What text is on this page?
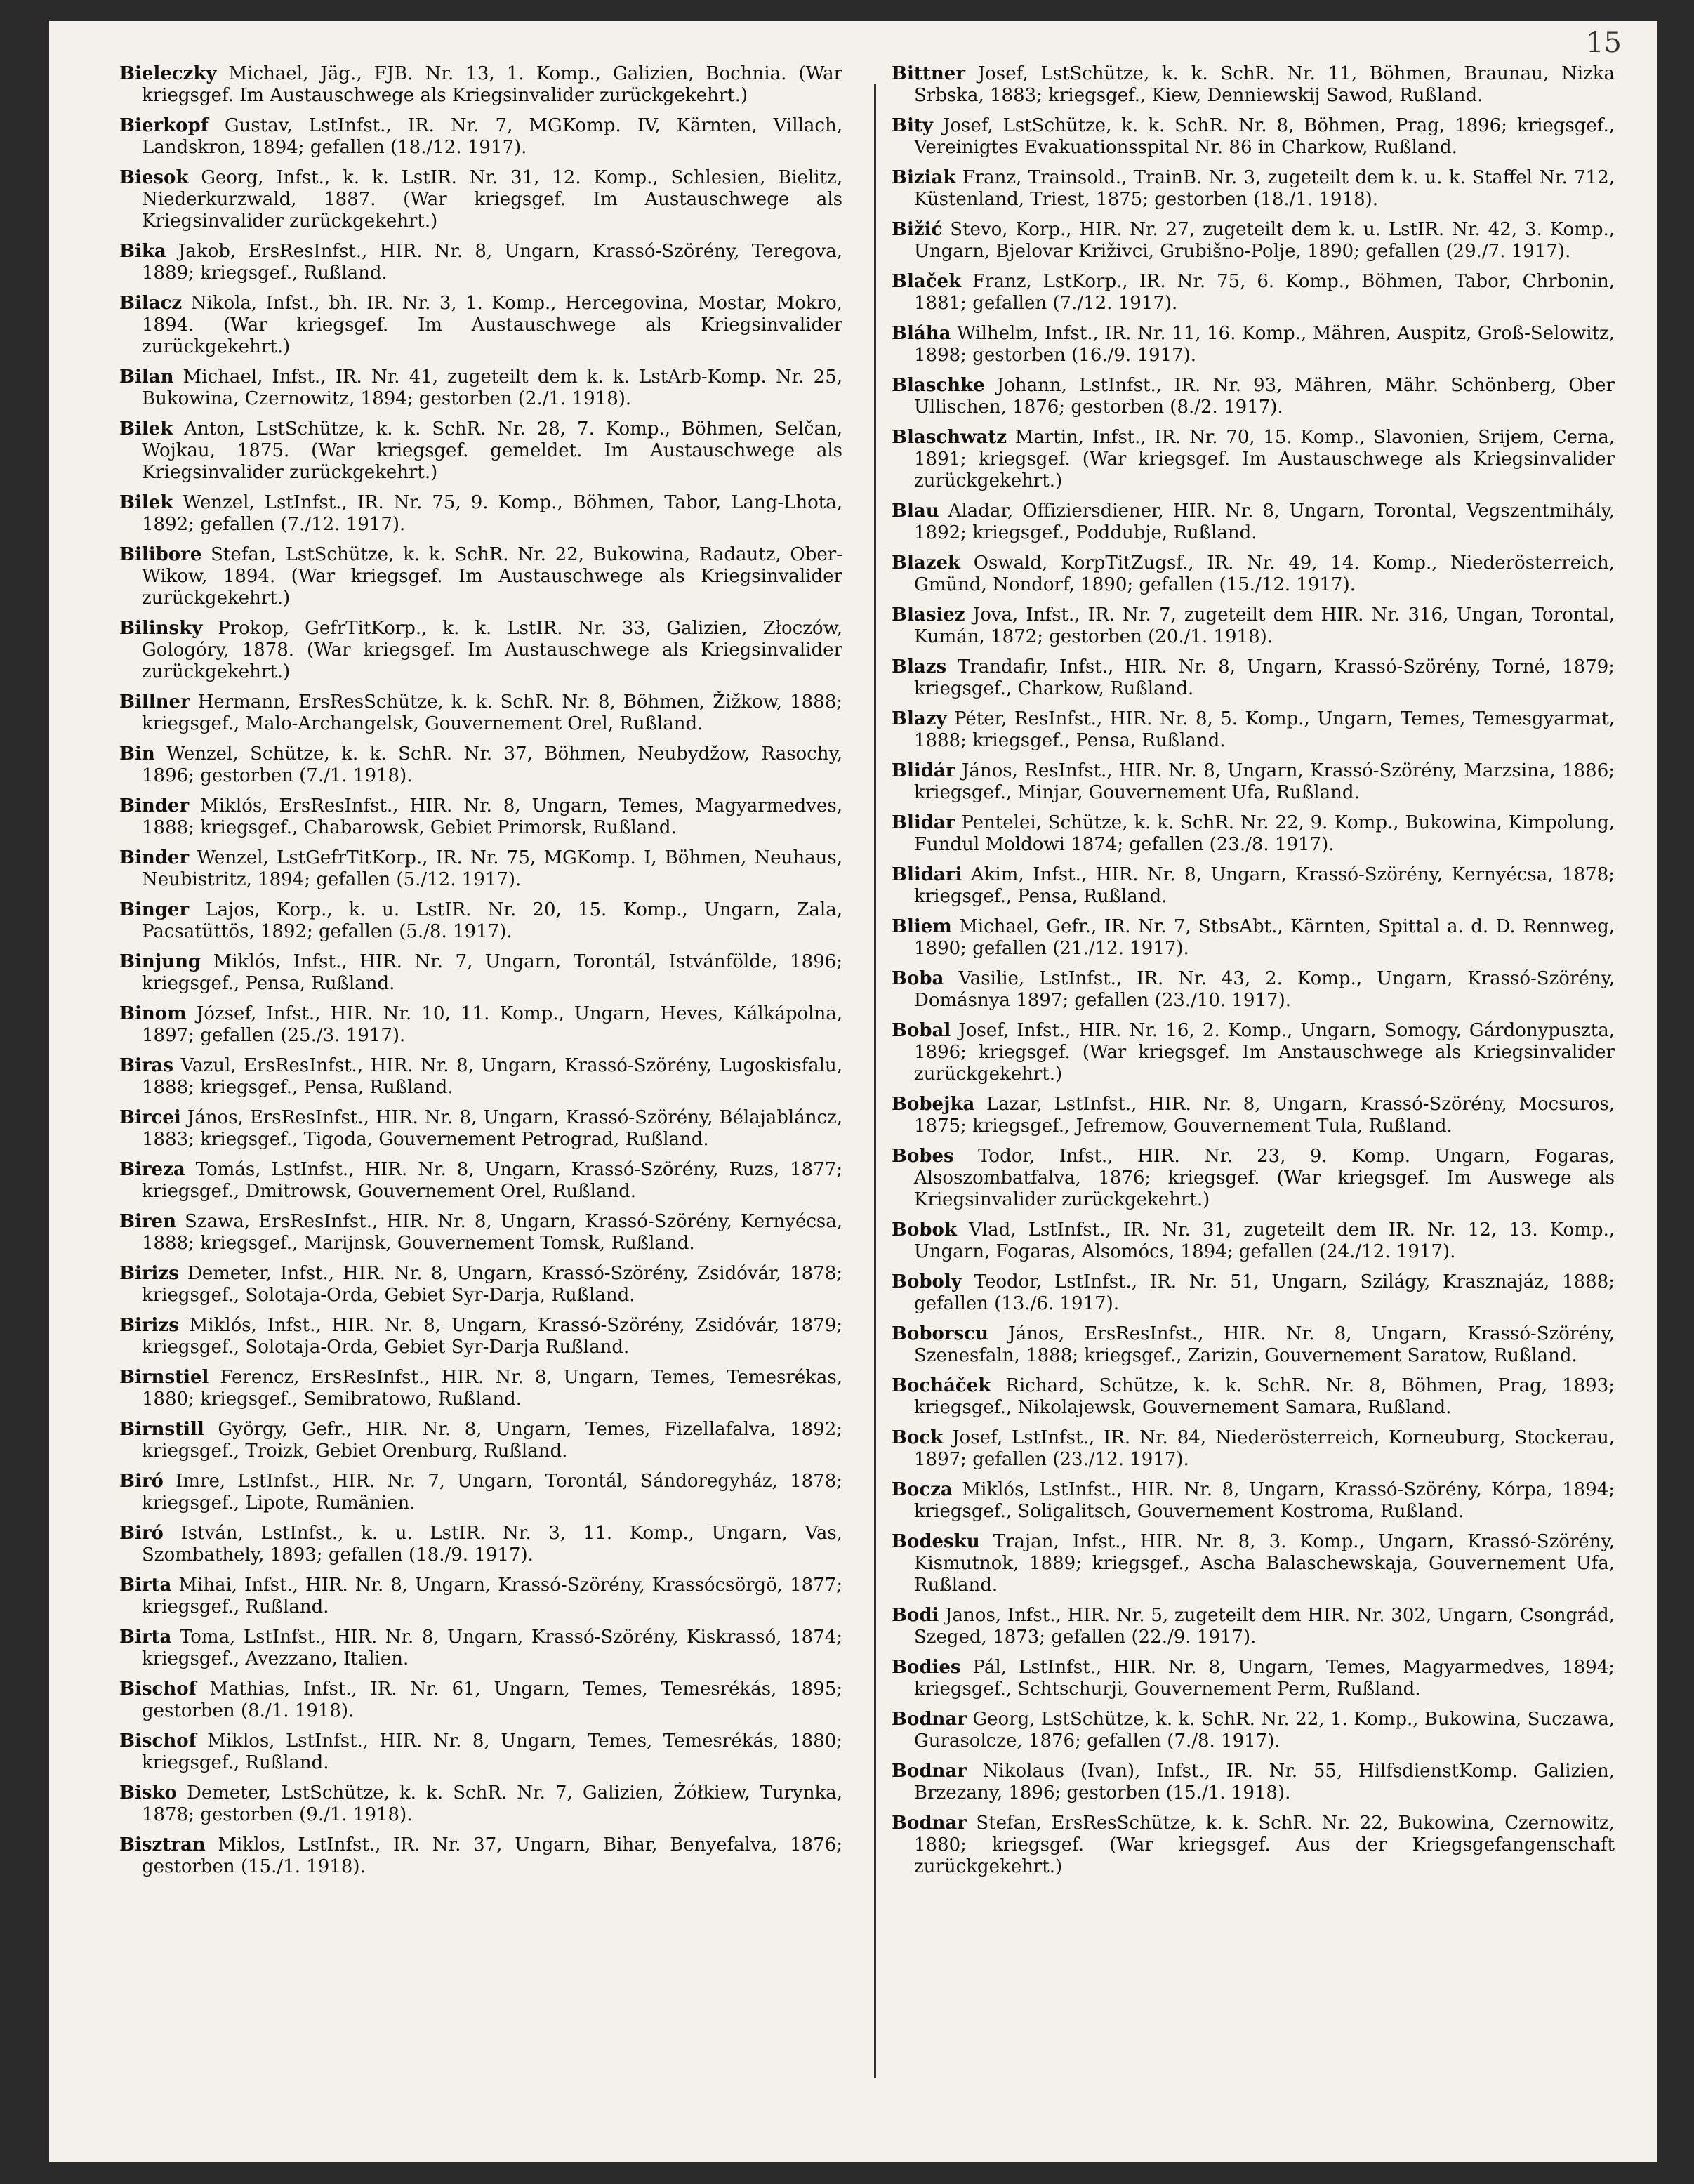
15

Bieleczky Michael, Jäg., FJB. Nr. 13, 1. Komp., Galizien, Bochnia. (War kriegsgef. Im Austauschwege als Kriegsinvalider zurückgekehrt.)

Bierkopf Gustav, LstInfst., IR. Nr. 7, MGKomp. IV, Kärnten, Villach, Landskron, 1894; gefallen (18./12. 1917).

Biesok Georg, Infst., k. k. LstIR. Nr. 31, 12. Komp., Schlesien, Bielitz, Niederkurzwald, 1887. (War kriegsgef. Im Austauschwege als Kriegsinvalider zurückgekehrt.)

Bika Jakob, ErsResInfst., HIR. Nr. 8, Ungarn, Krassó-Szörény, Teregova, 1889; kriegsgef., Rußland.

Bilacz Nikola, Infst., bh. IR. Nr. 3, 1. Komp., Hercegovina, Mostar, Mokro, 1894. (War kriegsgef. Im Austauschwege als Kriegsinvalider zurückgekehrt.)

Bilan Michael, Infst., IR. Nr. 41, zugeteilt dem k. k. LstArb-Komp. Nr. 25, Bukowina, Czernowitz, 1894; gestorben (2./1. 1918).

Bilek Anton, LstSchütze, k. k. SchR. Nr. 28, 7. Komp., Böhmen, Selčan, Wojkau, 1875. (War kriegsgef. gemeldet. Im Austauschwege als Kriegsinvalider zurückgekehrt.)

Bilek Wenzel, LstInfst., IR. Nr. 75, 9. Komp., Böhmen, Tabor, Lang-Lhota, 1892; gefallen (7./12. 1917).

Bilibore Stefan, LstSchütze, k. k. SchR. Nr. 22, Bukowina, Radautz, Ober-Wikow, 1894. (War kriegsgef. Im Austauschwege als Kriegsinvalider zurückgekehrt.)

Bilinsky Prokop, GefrTitKorp., k. k. LstIR. Nr. 33, Galizien, Złoczów, Gologóry, 1878. (War kriegsgef. Im Austauschwege als Kriegsinvalider zurückgekehrt.)

Billner Hermann, ErsResSchütze, k. k. SchR. Nr. 8, Böhmen, Žižkow, 1888; kriegsgef., Malo-Archangelsk, Gouvernement Orel, Rußland.

Bin Wenzel, Schütze, k. k. SchR. Nr. 37, Böhmen, Neubydžow, Rasochy, 1896; gestorben (7./1. 1918).

Binder Miklós, ErsResInfst., HIR. Nr. 8, Ungarn, Temes, Magyarmedves, 1888; kriegsgef., Chabarowsk, Gebiet Primorsk, Rußland.

Binder Wenzel, LstGefrTitKorp., IR. Nr. 75, MGKomp. I, Böhmen, Neuhaus, Neubistritz, 1894; gefallen (5./12. 1917).

Binger Lajos, Korp., k. u. LstIR. Nr. 20, 15. Komp., Ungarn, Zala, Pacsatüttös, 1892; gefallen (5./8. 1917).

Binjung Miklós, Infst., HIR. Nr. 7, Ungarn, Torontál, Istvánfölde, 1896; kriegsgef., Pensa, Rußland.

Binom József, Infst., HIR. Nr. 10, 11. Komp., Ungarn, Heves, Kálkápolna, 1897; gefallen (25./3. 1917).

Biras Vazul, ErsResInfst., HIR. Nr. 8, Ungarn, Krassó-Szörény, Lugoskisfalu, 1888; kriegsgef., Pensa, Rußland.

Bircei János, ErsResInfst., HIR. Nr. 8, Ungarn, Krassó-Szörény, Bélajabláncz, 1883; kriegsgef., Tigoda, Gouvernement Petrograd, Rußland.

Bireza Tomás, LstInfst., HIR. Nr. 8, Ungarn, Krassó-Szörény, Ruzs, 1877; kriegsgef., Dmitrowsk, Gouvernement Orel, Rußland.

Biren Szawa, ErsResInfst., HIR. Nr. 8, Ungarn, Krassó-Szörény, Kernyécsa, 1888; kriegsgef., Marijnsk, Gouvernement Tomsk, Rußland.

Birizs Demeter, Infst., HIR. Nr. 8, Ungarn, Krassó-Szörény, Zsidóvár, 1878; kriegsgef., Solotaja-Orda, Gebiet Syr-Darja, Rußland.

Birizs Miklós, Infst., HIR. Nr. 8, Ungarn, Krassó-Szörény, Zsidóvár, 1879; kriegsgef., Solotaja-Orda, Gebiet Syr-Darja Rußland.

Birnstiel Ferencz, ErsResInfst., HIR. Nr. 8, Ungarn, Temes, Temesrékas, 1880; kriegsgef., Semibratowo, Rußland.

Birnstill György, Gefr., HIR. Nr. 8, Ungarn, Temes, Fizellafalva, 1892; kriegsgef., Troizk, Gebiet Orenburg, Rußland.

Biró Imre, LstInfst., HIR. Nr. 7, Ungarn, Torontál, Sándoregyház, 1878; kriegsgef., Lipote, Rumänien.

Biró István, LstInfst., k. u. LstIR. Nr. 3, 11. Komp., Ungarn, Vas, Szombathely, 1893; gefallen (18./9. 1917).

Birta Mihai, Infst., HIR. Nr. 8, Ungarn, Krassó-Szörény, Krassócsörgö, 1877; kriegsgef., Rußland.

Birta Toma, LstInfst., HIR. Nr. 8, Ungarn, Krassó-Szörény, Kiskrassó, 1874; kriegsgef., Avezzano, Italien.

Bischof Mathias, Infst., IR. Nr. 61, Ungarn, Temes, Temesrékás, 1895; gestorben (8./1. 1918).

Bischof Miklos, LstInfst., HIR. Nr. 8, Ungarn, Temes, Temesrékás, 1880; kriegsgef., Rußland.

Bisko Demeter, LstSchütze, k. k. SchR. Nr. 7, Galizien, Żółkiew, Turynka, 1878; gestorben (9./1. 1918).

Bisztran Miklos, LstInfst., IR. Nr. 37, Ungarn, Bihar, Benyefalva, 1876; gestorben (15./1. 1918).

Bittner Josef, LstSchütze, k. k. SchR. Nr. 11, Böhmen, Braunau, Nizka Srbska, 1883; kriegsgef., Kiew, Denniewskij Sawod, Rußland.

Bity Josef, LstSchütze, k. k. SchR. Nr. 8, Böhmen, Prag, 1896; kriegsgef., Vereinigtes Evakuationsspital Nr. 86 in Charkow, Rußland.

Biziak Franz, Trainsold., TrainB. Nr. 3, zugeteilt dem k. u. k. Staffel Nr. 712, Küstenland, Triest, 1875; gestorben (18./1. 1918).

Bižić Stevo, Korp., HIR. Nr. 27, zugeteilt dem k. u. LstIR. Nr. 42, 3. Komp., Ungarn, Bjelovar Križivci, Grubišno-Polje, 1890; gefallen (29./7. 1917).

Blaček Franz, LstKorp., IR. Nr. 75, 6. Komp., Böhmen, Tabor, Chrbonin, 1881; gefallen (7./12. 1917).

Bláha Wilhelm, Infst., IR. Nr. 11, 16. Komp., Mähren, Auspitz, Groß-Selowitz, 1898; gestorben (16./9. 1917).

Blaschke Johann, LstInfst., IR. Nr. 93, Mähren, Mähr. Schönberg, Ober Ullischen, 1876; gestorben (8./2. 1917).

Blaschwatz Martin, Infst., IR. Nr. 70, 15. Komp., Slavonien, Srijem, Cerna, 1891; kriegsgef. (War kriegsgef. Im Austauschwege als Kriegsinvalider zurückgekehrt.)

Blau Aladar, Offiziersdiener, HIR. Nr. 8, Ungarn, Torontal, Vegszentmihály, 1892; kriegsgef., Poddubje, Rußland.

Blazek Oswald, KorpTitZugsf., IR. Nr. 49, 14. Komp., Niederösterreich, Gmünd, Nondorf, 1890; gefallen (15./12. 1917).

Blasiez Jova, Infst., IR. Nr. 7, zugeteilt dem HIR. Nr. 316, Ungan, Torontal, Kumán, 1872; gestorben (20./1. 1918).

Blazs Trandafir, Infst., HIR. Nr. 8, Ungarn, Krassó-Szörény, Torné, 1879; kriegsgef., Charkow, Rußland.

Blazy Péter, ResInfst., HIR. Nr. 8, 5. Komp., Ungarn, Temes, Temesgyarmat, 1888; kriegsgef., Pensa, Rußland.

Blidár János, ResInfst., HIR. Nr. 8, Ungarn, Krassó-Szörény, Marzsina, 1886; kriegsgef., Minjar, Gouvernement Ufa, Rußland.

Blidar Pentelei, Schütze, k. k. SchR. Nr. 22, 9. Komp., Bukowina, Kimpolung, Fundul Moldowi 1874; gefallen (23./8. 1917).

Blidari Akim, Infst., HIR. Nr. 8, Ungarn, Krassó-Szörény, Kernyécsa, 1878; kriegsgef., Pensa, Rußland.

Bliem Michael, Gefr., IR. Nr. 7, StbsAbt., Kärnten, Spittal a. d. D. Rennweg, 1890; gefallen (21./12. 1917).

Boba Vasilie, LstInfst., IR. Nr. 43, 2. Komp., Ungarn, Krassó-Szörény, Domásnya 1897; gefallen (23./10. 1917).

Bobal Josef, Infst., HIR. Nr. 16, 2. Komp., Ungarn, Somogy, Gárdonypuszta, 1896; kriegsgef. (War kriegsgef. Im Anstauschwege als Kriegsinvalider zurückgekehrt.)

Bobejka Lazar, LstInfst., HIR. Nr. 8, Ungarn, Krassó-Szörény, Mocsuros, 1875; kriegsgef., Jefremow, Gouvernement Tula, Rußland.

Bobes Todor, Infst., HIR. Nr. 23, 9. Komp. Ungarn, Fogaras, Alsoszombatfalva, 1876; kriegsgef. (War kriegsgef. Im Auswege als Kriegsinvalider zurückgekehrt.)

Bobok Vlad, LstInfst., IR. Nr. 31, zugeteilt dem IR. Nr. 12, 13. Komp., Ungarn, Fogaras, Alsomócs, 1894; gefallen (24./12. 1917).

Boboly Teodor, LstInfst., IR. Nr. 51, Ungarn, Szilágy, Krasznajáz, 1888; gefallen (13./6. 1917).

Boborscu János, ErsResInfst., HIR. Nr. 8, Ungarn, Krassó-Szörény, Szenesfaln, 1888; kriegsgef., Zarizin, Gouvernement Saratow, Rußland.

Bocháček Richard, Schütze, k. k. SchR. Nr. 8, Böhmen, Prag, 1893; kriegsgef., Nikolajewsk, Gouvernement Samara, Rußland.

Bock Josef, LstInfst., IR. Nr. 84, Niederösterreich, Korneuburg, Stockerau, 1897; gefallen (23./12. 1917).

Bocza Miklós, LstInfst., HIR. Nr. 8, Ungarn, Krassó-Szörény, Kórpa, 1894; kriegsgef., Soligalitsch, Gouvernement Kostroma, Rußland.

Bodesku Trajan, Infst., HIR. Nr. 8, 3. Komp., Ungarn, Krassó-Szörény, Kismutnok, 1889; kriegsgef., Ascha Balaschewskaja, Gouvernement Ufa, Rußland.

Bodi Janos, Infst., HIR. Nr. 5, zugeteilt dem HIR. Nr. 302, Ungarn, Csongrád, Szeged, 1873; gefallen (22./9. 1917).

Bodies Pál, LstInfst., HIR. Nr. 8, Ungarn, Temes, Magyarmedves, 1894; kriegsgef., Schtschurji, Gouvernement Perm, Rußland.

Bodnar Georg, LstSchütze, k. k. SchR. Nr. 22, 1. Komp., Bukowina, Suczawa, Gurasolcze, 1876; gefallen (7./8. 1917).

Bodnar Nikolaus (Ivan), Infst., IR. Nr. 55, HilfsdienstKomp. Galizien, Brzezany, 1896; gestorben (15./1. 1918).

Bodnar Stefan, ErsResSchütze, k. k. SchR. Nr. 22, Bukowina, Czernowitz, 1880; kriegsgef. (War kriegsgef. Aus der Kriegsgefangenschaft zurückgekehrt.)
